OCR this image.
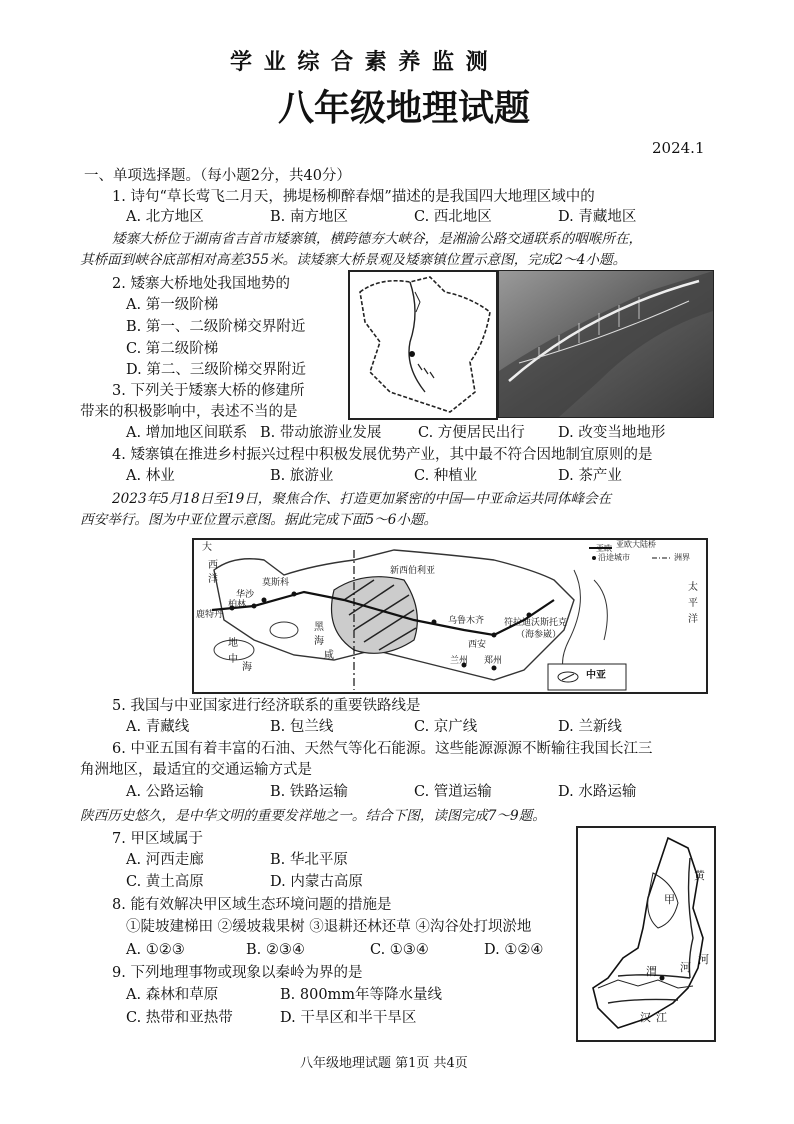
学 业 综 合 素 养 监 测
八年级地理试题
2024.1
一、单项选择题。（每小题2分，共40分）
1. 诗句“草长莺飞二月天，拂堤杨柳醉春烟”描述的是我国四大地理区域中的
A. 北方地区	B. 南方地区	C. 西北地区	D. 青藏地区
矮寨大桥位于湖南省吉首市矮寨镇，横跨德夯大峡谷，是湘渝公路交通联系的咽喉所在，
其桥面到峡谷底部相对高差355米。读矮寨大桥景观及矮寨镇位置示意图，完成2～4小题。
2. 矮寨大桥地处我国地势的
A. 第一级阶梯
B. 第一、二级阶梯交界附近
C. 第二级阶梯
D. 第二、三级阶梯交界附近
3. 下列关于矮寨大桥的修建所
带来的积极影响中，表述不当的是
A. 增加地区间联系 B. 带动旅游业发展	C. 方便居民出行 D. 改变当地地形
4. 矮寨镇在推进乡村振兴过程中积极发展优势产业，其中最不符合因地制宜原则的是
A. 林业	B. 旅游业	C. 种植业	D. 茶产业
2023年5月18日至19日，聚焦合作、打造更加紧密的中国—中亚命运共同体峰会在
西安举行。图为中亚位置示意图。据此完成下面5～6小题。
亚欧大陆桥
沿途城市	洲界
大
西
洋	莫斯科
华沙
柏林
鹿特丹
新西伯利亚
乌鲁木齐 符拉迪沃斯托克
（海参崴）
太
平
洋
西安
兰州 郑州
地
中
海
黑
海
咸
中亚
亚欧
5. 我国与中亚国家进行经济联系的重要铁路线是
A. 青藏线	B. 包兰线	C. 京广线	D. 兰新线
6. 中亚五国有着丰富的石油、天然气等化石能源。这些能源源源不断输往我国长江三
角洲地区，最适宜的交通运输方式是
A. 公路运输	B. 铁路运输	C. 管道运输	D. 水路运输
陕西历史悠久，是中华文明的重要发祥地之一。结合下图，读图完成7～9题。
7. 甲区域属于
A. 河西走廊	B. 华北平原
C. 黄土高原	D. 内蒙古高原
8. 能有效解决甲区域生态环境问题的措施是
①陡坡建梯田 ②缓坡栽果树 ③退耕还林还草 ④沟谷处打坝淤地
A. ①②③	B. ②③④	C. ①③④	D. ①②④
9. 下列地理事物或现象以秦岭为界的是
A. 森林和草原	B. 800mm年等降水量线
C. 热带和亚热带	D. 干旱区和半干旱区
黄
甲
河
渭 河
汉 江
八年级地理试题 第1页 共4页
